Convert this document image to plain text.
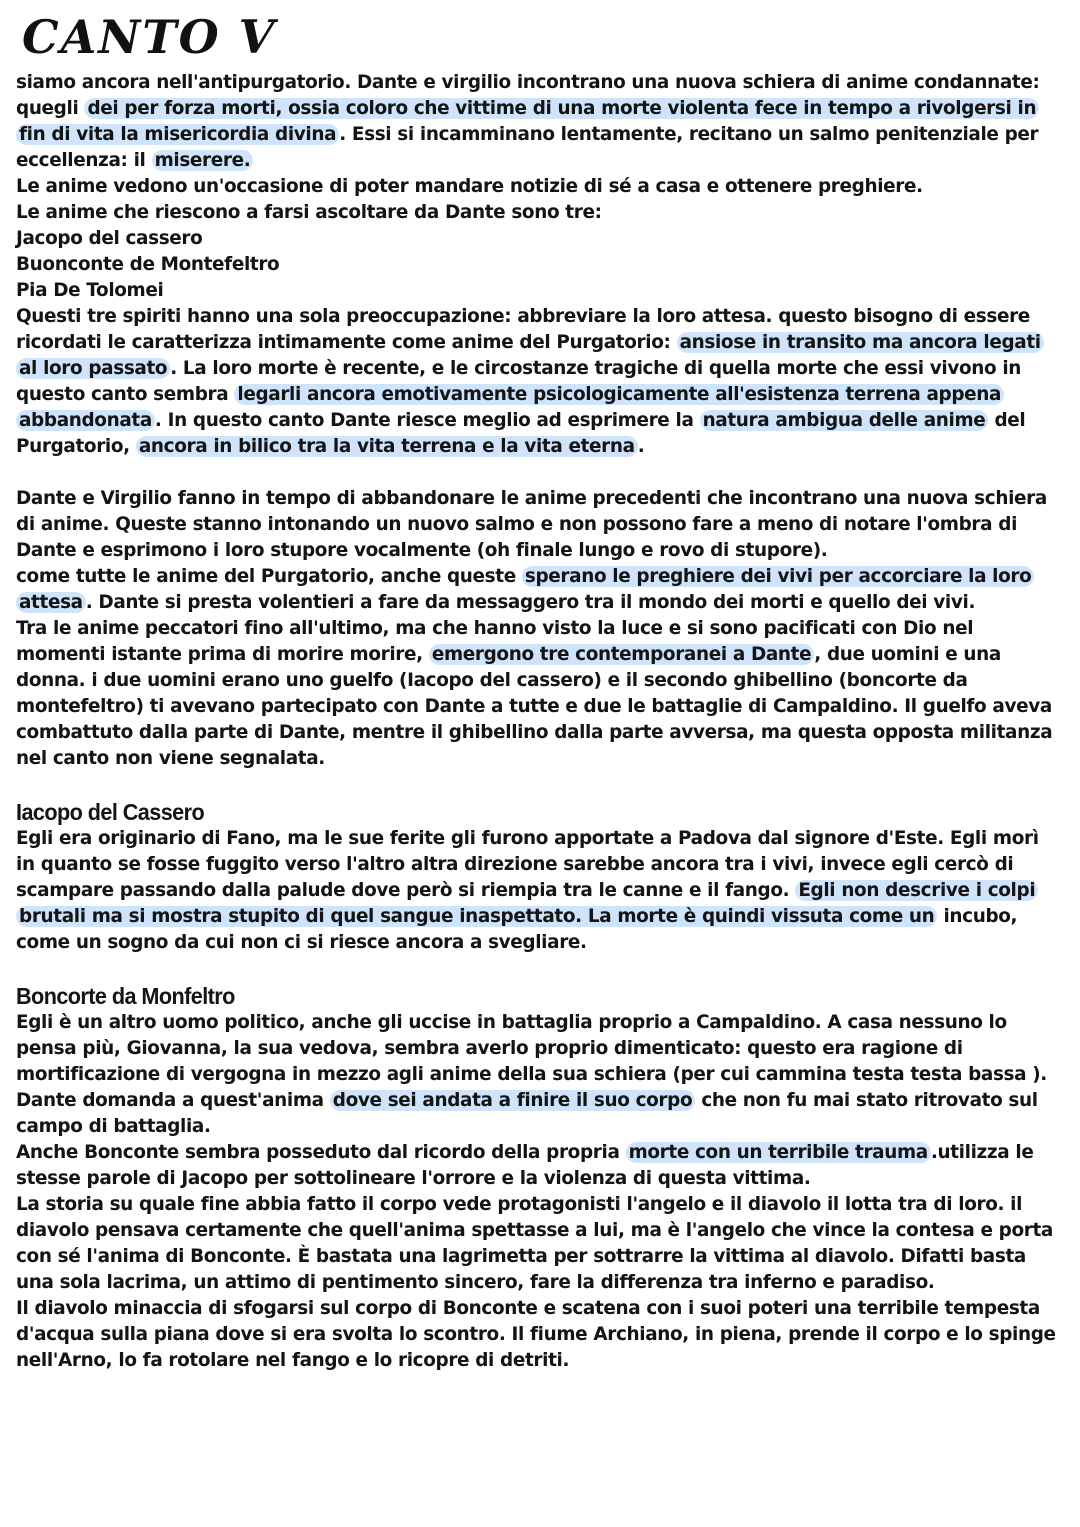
CANTO V

siamo ancora nell'antipurgatorio. Dante e virgilio incontrano una nuova schiera di anime condannate: quegli dei per forza morti, ossia coloro che vittime di una morte violenta fece in tempo a rivolgersi in fin di vita la misericordia divina . Essi si incamminano lentamente, recitano un salmo penitenziale per eccellenza: il miserere.

Le anime vedono un'occasione di poter mandare notizie di sé a casa e ottenere preghiere.

Le anime che riescono a farsi ascoltare da Dante sono tre:

Jacopo del cassero

Buonconte de Montefeltro

Pia De Tolomei

Questi tre spiriti hanno una sola preoccupazione: abbreviare la loro attesa. questo bisogno di essere ricordati le caratterizza intimamente come anime del Purgatorio: ansiose in transito ma ancora legati al loro passato . La loro morte è recente, e le circostanze tragiche di quella morte che essi vivono in questo canto sembra legarli ancora emotivamente psicologicamente all'esistenza terrena appena abbandonata . In questo canto Dante riesce meglio ad esprimere la natura ambigua delle anime del Purgatorio, ancora in bilico tra la vita terrena e la vita eterna .

Dante e Virgilio fanno in tempo di abbandonare le anime precedenti che incontrano una nuova schiera di anime. Queste stanno intonando un nuovo salmo e non possono fare a meno di notare l'ombra di Dante e esprimono i loro stupore vocalmente (oh finale lungo e rovo di stupore).

come tutte le anime del Purgatorio, anche queste sperano le preghiere dei vivi per accorciare la loro attesa . Dante si presta volentieri a fare da messaggero tra il mondo dei morti e quello dei vivi.

Tra le anime peccatori fino all'ultimo, ma che hanno visto la luce e si sono pacificati con Dio nel momenti istante prima di morire morire, emergono tre contemporanei a Dante , due uomini e una donna. i due uomini erano uno guelfo (Iacopo del cassero) e il secondo ghibellino (boncorte da montefeltro) ti avevano partecipato con Dante a tutte e due le battaglie di Campaldino. Il guelfo aveva combattuto dalla parte di Dante, mentre il ghibellino dalla parte avversa, ma questa opposta militanza nel canto non viene segnalata.

Iacopo del Cassero

Egli era originario di Fano, ma le sue ferite gli furono apportate a Padova dal signore d'Este. Egli morì in quanto se fosse fuggito verso l'altro altra direzione sarebbe ancora tra i vivi, invece egli cercò di scampare passando dalla palude dove però si riempia tra le canne e il fango. Egli non descrive i colpi brutali ma si mostra stupito di quel sangue inaspettato. La morte è quindi vissuta come un incubo, come un sogno da cui non ci si riesce ancora a svegliare.

Boncorte da Monfeltro

Egli è un altro uomo politico, anche gli uccise in battaglia proprio a Campaldino. A casa nessuno lo pensa più, Giovanna, la sua vedova, sembra averlo proprio dimenticato: questo era ragione di mortificazione di vergogna in mezzo agli anime della sua schiera (per cui cammina testa testa bassa ).

Dante domanda a quest'anima dove sei andata a finire il suo corpo che non fu mai stato ritrovato sul campo di battaglia.

Anche Bonconte sembra posseduto dal ricordo della propria morte con un terribile trauma .utilizza le stesse parole di Jacopo per sottolineare l'orrore e la violenza di questa vittima.

La storia su quale fine abbia fatto il corpo vede protagonisti l'angelo e il diavolo il lotta tra di loro. il diavolo pensava certamente che quell'anima spettasse a lui, ma è l'angelo che vince la contesa e porta con sé l'anima di Bonconte. È bastata una lagrimetta per sottrarre la vittima al diavolo. Difatti basta una sola lacrima, un attimo di pentimento sincero, fare la differenza tra inferno e paradiso.

Il diavolo minaccia di sfogarsi sul corpo di Bonconte e scatena con i suoi poteri una terribile tempesta d'acqua sulla piana dove si era svolta lo scontro. Il fiume Archiano, in piena, prende il corpo e lo spinge nell'Arno, lo fa rotolare nel fango e lo ricopre di detriti.
